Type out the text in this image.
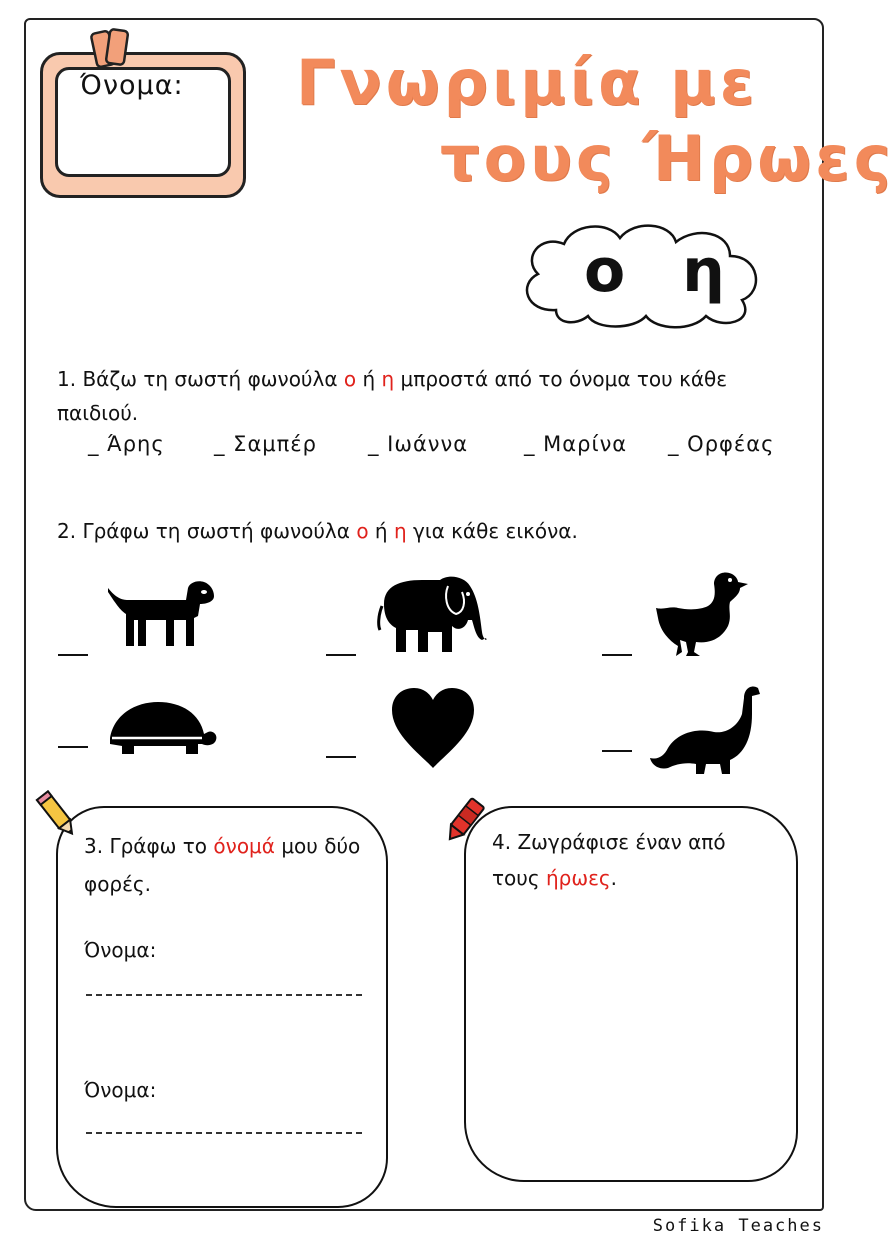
Όνομα: Γνωριμία με
τους Ήρωες
ο η
1. Βάζω τη σωστή φωνούλα ο ή η μπροστά από το όνομα του κάθε
παιδιού.
_ Άρης _ Σαμπέρ _ Ιωάννα	_ Μαρίνα _ Ορφέας
2. Γράφω τη σωστή φωνούλα ο ή η για κάθε εικόνα.
3. Γράφω το όνομά μου δύο
φορές.
Όνομα:
Όνομα:
4. Ζωγράφισε έναν από
τους ήρωες.
Sofika Teaches
